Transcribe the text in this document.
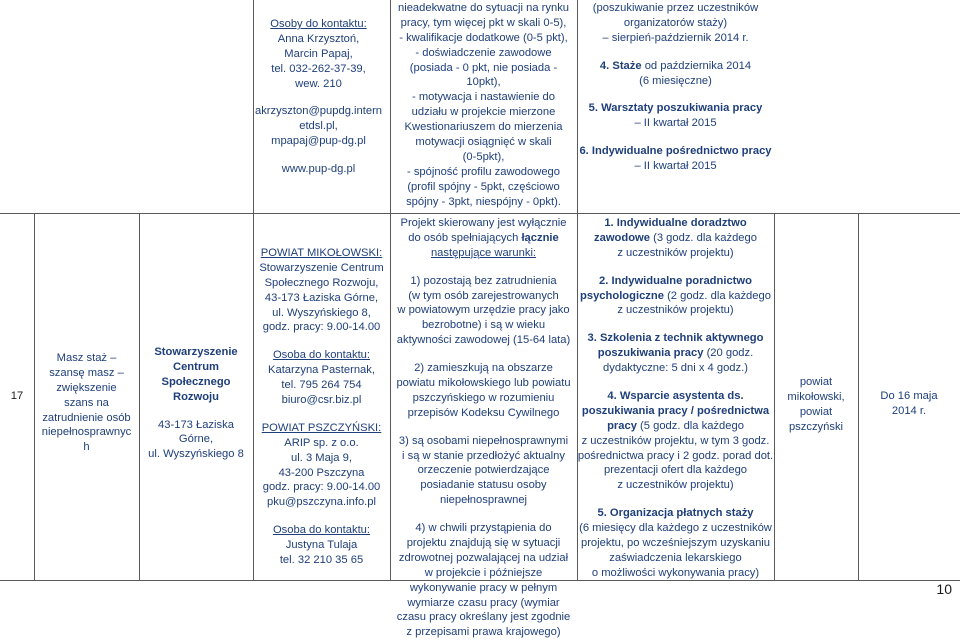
Osoby do kontaktu:
Anna Krzysztoń,
Marcin Papaj,
tel. 032-262-37-39,
wew. 210
akrzyszton@pupdg.intern
etdsl.pl,
mpapaj@pup-dg.pl
www.pup-dg.pl
nieadekwatne do sytuacji na rynku
pracy, tym więcej pkt w skali 0-5),
- kwalifikacje dodatkowe (0-5 pkt),
- doświadczenie zawodowe
(posiada - 0 pkt, nie posiada -
10pkt),
- motywacja i nastawienie do
udziału w projekcie mierzone
Kwestionariuszem do mierzenia
motywacji osiągnięć w skali
(0-5pkt),
- spójność profilu zawodowego
(profil spójny - 5pkt, częściowo
spójny - 3pkt, niespójny - 0pkt).
(poszukiwanie przez uczestników
organizatorów staży)
– sierpień-październik 2014 r.
4. Staże od października 2014
(6 miesięczne)
5. Warsztaty poszukiwania pracy
– II kwartał 2015
6. Indywidualne pośrednictwo pracy
– II kwartał 2015
17
Masz staż –
szansę masz –
zwiększenie
szans na
zatrudnienie osób
niepełnosprawnyc
h
Stowarzyszenie
Centrum
Społecznego
Rozwoju
43-173 Łaziska
Górne,
ul. Wyszyńskiego 8
POWIAT MIKOŁOWSKI:
Stowarzyszenie Centrum
Społecznego Rozwoju,
43-173 Łaziska Górne,
ul. Wyszyńskiego 8,
godz. pracy: 9.00-14.00
Osoba do kontaktu:
Katarzyna Pasternak,
tel. 795 264 754
biuro@csr.biz.pl
POWIAT PSZCZYŃSKI:
ARIP sp. z o.o.
ul. 3 Maja 9,
43-200 Pszczyna
godz. pracy: 9.00-14.00
pku@pszczyna.info.pl
Osoba do kontaktu:
Justyna Tulaja
tel. 32 210 35 65
Projekt skierowany jest wyłącznie
do osób spełniających łącznie
następujące warunki:
1) pozostają bez zatrudnienia
(w tym osób zarejestrowanych
w powiatowym urzędzie pracy jako
bezrobotne) i są w wieku
aktywności zawodowej (15-64 lata)
2) zamieszkują na obszarze
powiatu mikołowskiego lub powiatu
pszczyńskiego w rozumieniu
przepisów Kodeksu Cywilnego
3) są osobami niepełnosprawnymi
i są w stanie przedłożyć aktualny
orzeczenie potwierdzające
posiadanie statusu osoby
niepełnosprawnej
4) w chwili przystąpienia do
projektu znajdują się w sytuacji
zdrowotnej pozwalającej na udział
w projekcie i późniejsze
wykonywanie pracy w pełnym
wymiarze czasu pracy (wymiar
czasu pracy określany jest zgodnie
z przepisami prawa krajowego)
1. Indywidualne doradztwo
zawodowe (3 godz. dla każdego
z uczestników projektu)
2. Indywidualne poradnictwo
psychologiczne (2 godz. dla każdego
z uczestników projektu)
3. Szkolenia z technik aktywnego
poszukiwania pracy (20 godz.
dydaktyczne: 5 dni x 4 godz.)
4. Wsparcie asystenta ds.
poszukiwania pracy / pośrednictwa
pracy (5 godz. dla każdego
z uczestników projektu, w tym 3 godz.
pośrednictwa pracy i 2 godz. porad dot.
prezentacji ofert dla każdego
z uczestników projektu)
5. Organizacja płatnych staży
(6 miesięcy dla każdego z uczestników
projektu, po wcześniejszym uzyskaniu
zaświadczenia lekarskiego
o możliwości wykonywania pracy)
powiat
mikołowski,
powiat
pszczyński
Do 16 maja
2014 r.
10
